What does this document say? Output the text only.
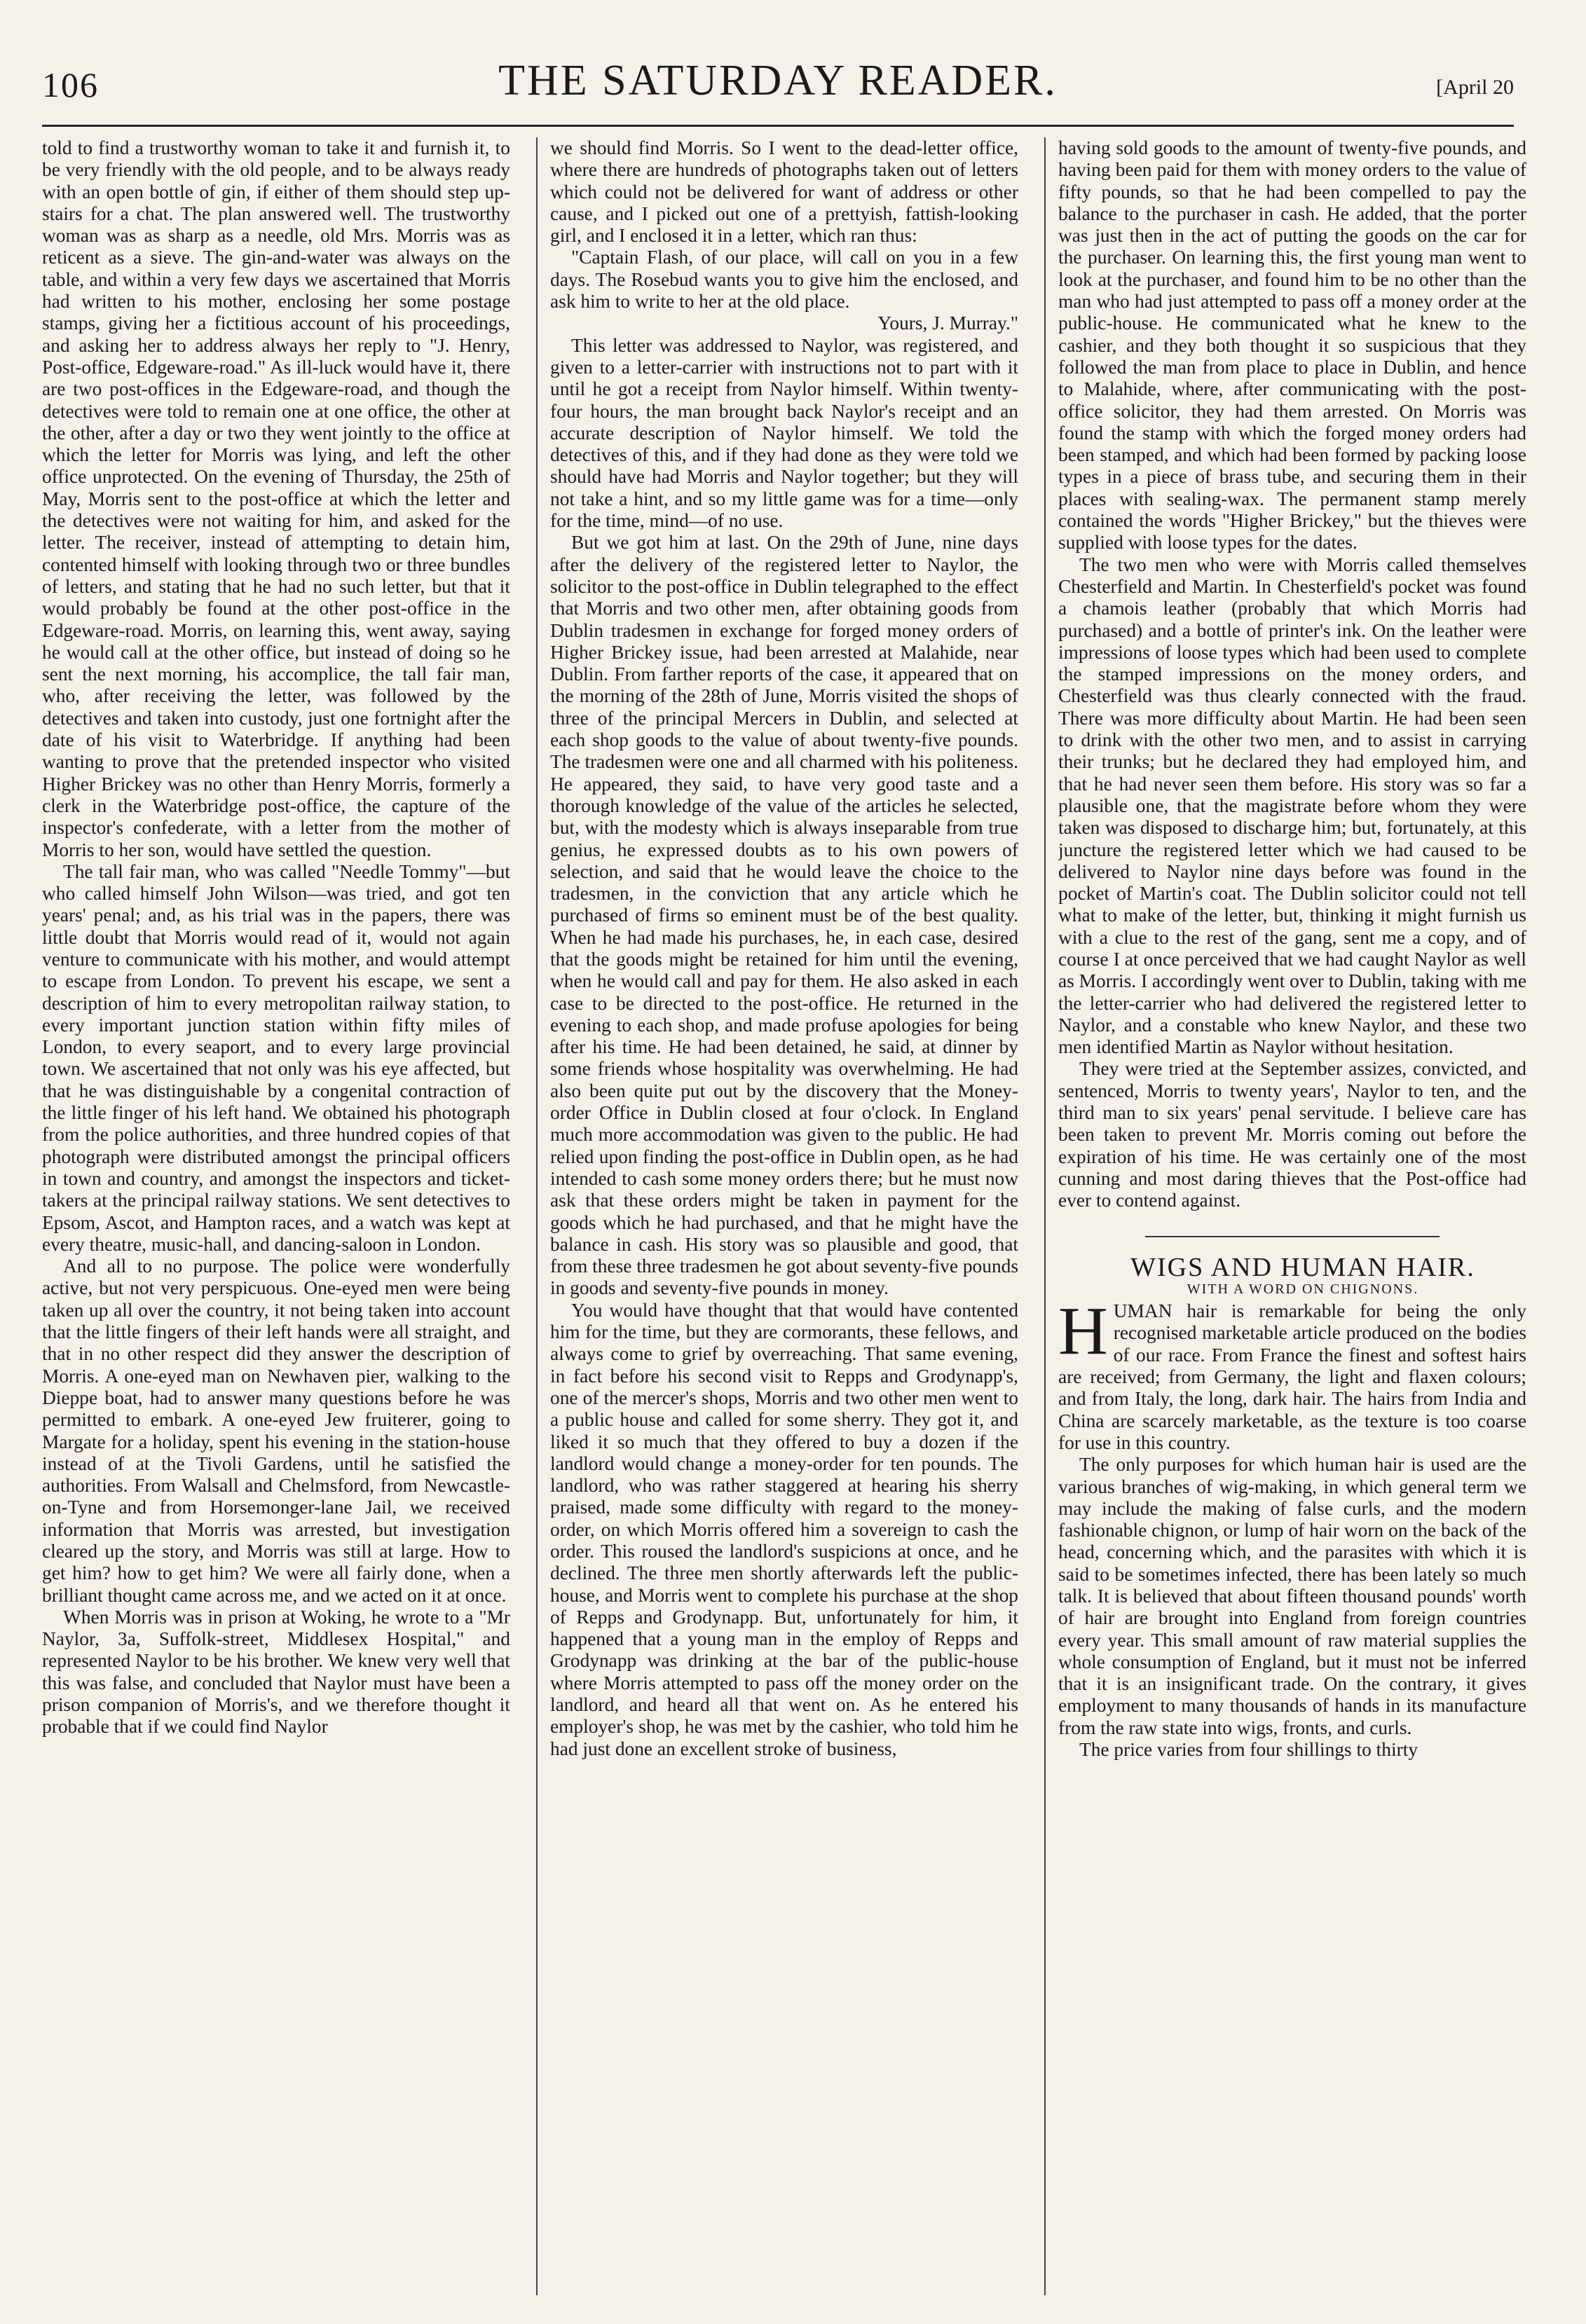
106	THE SATURDAY READER.	[April 20

told to find a trustworthy woman to take it and furnish it, to be very friendly with the old people, and to be always ready with an open bottle of gin, if either of them should step up-stairs for a chat. The plan answered well. The trustworthy woman was as sharp as a needle, old Mrs. Morris was as reticent as a sieve. The gin-and-water was always on the table, and within a very few days we ascertained that Morris had written to his mother, enclosing her some postage stamps, giving her a fictitious account of his proceedings, and asking her to address always her reply to "J. Henry, Post-office, Edgeware-road." As ill-luck would have it, there are two post-offices in the Edgeware-road, and though the detectives were told to remain one at one office, the other at the other, after a day or two they went jointly to the office at which the letter for Morris was lying, and left the other office unprotected. On the evening of Thursday, the 25th of May, Morris sent to the post-office at which the letter and the detectives were not waiting for him, and asked for the letter. The receiver, instead of attempting to detain him, contented himself with looking through two or three bundles of letters, and stating that he had no such letter, but that it would probably be found at the other post-office in the Edgeware-road. Morris, on learning this, went away, saying he would call at the other office, but instead of doing so he sent the next morning, his accomplice, the tall fair man, who, after receiving the letter, was followed by the detectives and taken into custody, just one fortnight after the date of his visit to Waterbridge. If anything had been wanting to prove that the pretended inspector who visited Higher Brickey was no other than Henry Morris, formerly a clerk in the Waterbridge post-office, the capture of the inspector's confederate, with a letter from the mother of Morris to her son, would have settled the question.

The tall fair man, who was called "Needle Tommy"—but who called himself John Wilson—was tried, and got ten years' penal; and, as his trial was in the papers, there was little doubt that Morris would read of it, would not again venture to communicate with his mother, and would attempt to escape from London. To prevent his escape, we sent a description of him to every metropolitan railway station, to every important junction station within fifty miles of London, to every seaport, and to every large provincial town. We ascertained that not only was his eye affected, but that he was distinguishable by a congenital contraction of the little finger of his left hand. We obtained his photograph from the police authorities, and three hundred copies of that photograph were distributed amongst the principal officers in town and country, and amongst the inspectors and ticket-takers at the principal railway stations. We sent detectives to Epsom, Ascot, and Hampton races, and a watch was kept at every theatre, music-hall, and dancing-saloon in London.

And all to no purpose. The police were wonderfully active, but not very perspicuous. One-eyed men were being taken up all over the country, it not being taken into account that the little fingers of their left hands were all straight, and that in no other respect did they answer the description of Morris. A one-eyed man on Newhaven pier, walking to the Dieppe boat, had to answer many questions before he was permitted to embark. A one-eyed Jew fruiterer, going to Margate for a holiday, spent his evening in the station-house instead of at the Tivoli Gardens, until he satisfied the authorities. From Walsall and Chelmsford, from Newcastle-on-Tyne and from Horsemonger-lane Jail, we received information that Morris was arrested, but investigation cleared up the story, and Morris was still at large. How to get him? how to get him? We were all fairly done, when a brilliant thought came across me, and we acted on it at once.

When Morris was in prison at Woking, he wrote to a "Mr Naylor, 3a, Suffolk-street, Middlesex Hospital," and represented Naylor to be his brother. We knew very well that this was false, and concluded that Naylor must have been a prison companion of Morris's, and we therefore thought it probable that if we could find Naylor

we should find Morris. So I went to the dead-letter office, where there are hundreds of photographs taken out of letters which could not be delivered for want of address or other cause, and I picked out one of a prettyish, fattish-looking girl, and I enclosed it in a letter, which ran thus:

"Captain Flash, of our place, will call on you in a few days. The Rosebud wants you to give him the enclosed, and ask him to write to her at the old place.

Yours, J. Murray."

This letter was addressed to Naylor, was registered, and given to a letter-carrier with instructions not to part with it until he got a receipt from Naylor himself. Within twenty-four hours, the man brought back Naylor's receipt and an accurate description of Naylor himself. We told the detectives of this, and if they had done as they were told we should have had Morris and Naylor together; but they will not take a hint, and so my little game was for a time—only for the time, mind—of no use.

But we got him at last. On the 29th of June, nine days after the delivery of the registered letter to Naylor, the solicitor to the post-office in Dublin telegraphed to the effect that Morris and two other men, after obtaining goods from Dublin tradesmen in exchange for forged money orders of Higher Brickey issue, had been arrested at Malahide, near Dublin. From farther reports of the case, it appeared that on the morning of the 28th of June, Morris visited the shops of three of the principal Mercers in Dublin, and selected at each shop goods to the value of about twenty-five pounds. The tradesmen were one and all charmed with his politeness. He appeared, they said, to have very good taste and a thorough knowledge of the value of the articles he selected, but, with the modesty which is always inseparable from true genius, he expressed doubts as to his own powers of selection, and said that he would leave the choice to the tradesmen, in the conviction that any article which he purchased of firms so eminent must be of the best quality. When he had made his purchases, he, in each case, desired that the goods might be retained for him until the evening, when he would call and pay for them. He also asked in each case to be directed to the post-office. He returned in the evening to each shop, and made profuse apologies for being after his time. He had been detained, he said, at dinner by some friends whose hospitality was overwhelming. He had also been quite put out by the discovery that the Money-order Office in Dublin closed at four o'clock. In England much more accommodation was given to the public. He had relied upon finding the post-office in Dublin open, as he had intended to cash some money orders there; but he must now ask that these orders might be taken in payment for the goods which he had purchased, and that he might have the balance in cash. His story was so plausible and good, that from these three tradesmen he got about seventy-five pounds in goods and seventy-five pounds in money.

You would have thought that that would have contented him for the time, but they are cormorants, these fellows, and always come to grief by overreaching. That same evening, in fact before his second visit to Repps and Grodynapp's, one of the mercer's shops, Morris and two other men went to a public house and called for some sherry. They got it, and liked it so much that they offered to buy a dozen if the landlord would change a money-order for ten pounds. The landlord, who was rather staggered at hearing his sherry praised, made some difficulty with regard to the money-order, on which Morris offered him a sovereign to cash the order. This roused the landlord's suspicions at once, and he declined. The three men shortly afterwards left the public-house, and Morris went to complete his purchase at the shop of Repps and Grodynapp. But, unfortunately for him, it happened that a young man in the employ of Repps and Grodynapp was drinking at the bar of the public-house where Morris attempted to pass off the money order on the landlord, and heard all that went on. As he entered his employer's shop, he was met by the cashier, who told him he had just done an excellent stroke of business,

having sold goods to the amount of twenty-five pounds, and having been paid for them with money orders to the value of fifty pounds, so that he had been compelled to pay the balance to the purchaser in cash. He added, that the porter was just then in the act of putting the goods on the car for the purchaser. On learning this, the first young man went to look at the purchaser, and found him to be no other than the man who had just attempted to pass off a money order at the public-house. He communicated what he knew to the cashier, and they both thought it so suspicious that they followed the man from place to place in Dublin, and hence to Malahide, where, after communicating with the post-office solicitor, they had them arrested. On Morris was found the stamp with which the forged money orders had been stamped, and which had been formed by packing loose types in a piece of brass tube, and securing them in their places with sealing-wax. The permanent stamp merely contained the words "Higher Brickey," but the thieves were supplied with loose types for the dates.

The two men who were with Morris called themselves Chesterfield and Martin. In Chesterfield's pocket was found a chamois leather (probably that which Morris had purchased) and a bottle of printer's ink. On the leather were impressions of loose types which had been used to complete the stamped impressions on the money orders, and Chesterfield was thus clearly connected with the fraud. There was more difficulty about Martin. He had been seen to drink with the other two men, and to assist in carrying their trunks; but he declared they had employed him, and that he had never seen them before. His story was so far a plausible one, that the magistrate before whom they were taken was disposed to discharge him; but, fortunately, at this juncture the registered letter which we had caused to be delivered to Naylor nine days before was found in the pocket of Martin's coat. The Dublin solicitor could not tell what to make of the letter, but, thinking it might furnish us with a clue to the rest of the gang, sent me a copy, and of course I at once perceived that we had caught Naylor as well as Morris. I accordingly went over to Dublin, taking with me the letter-carrier who had delivered the registered letter to Naylor, and a constable who knew Naylor, and these two men identified Martin as Naylor without hesitation.

They were tried at the September assizes, convicted, and sentenced, Morris to twenty years', Naylor to ten, and the third man to six years' penal servitude. I believe care has been taken to prevent Mr. Morris coming out before the expiration of his time. He was certainly one of the most cunning and most daring thieves that the Post-office had ever to contend against.

WIGS AND HUMAN HAIR.

WITH A WORD ON CHIGNONS.

HUMAN hair is remarkable for being the only recognised marketable article produced on the bodies of our race. From France the finest and softest hairs are received; from Germany, the light and flaxen colours; and from Italy, the long, dark hair. The hairs from India and China are scarcely marketable, as the texture is too coarse for use in this country.

The only purposes for which human hair is used are the various branches of wig-making, in which general term we may include the making of false curls, and the modern fashionable chignon, or lump of hair worn on the back of the head, concerning which, and the parasites with which it is said to be sometimes infected, there has been lately so much talk. It is believed that about fifteen thousand pounds' worth of hair are brought into England from foreign countries every year. This small amount of raw material supplies the whole consumption of England, but it must not be inferred that it is an insignificant trade. On the contrary, it gives employment to many thousands of hands in its manufacture from the raw state into wigs, fronts, and curls.

The price varies from four shillings to thirty
